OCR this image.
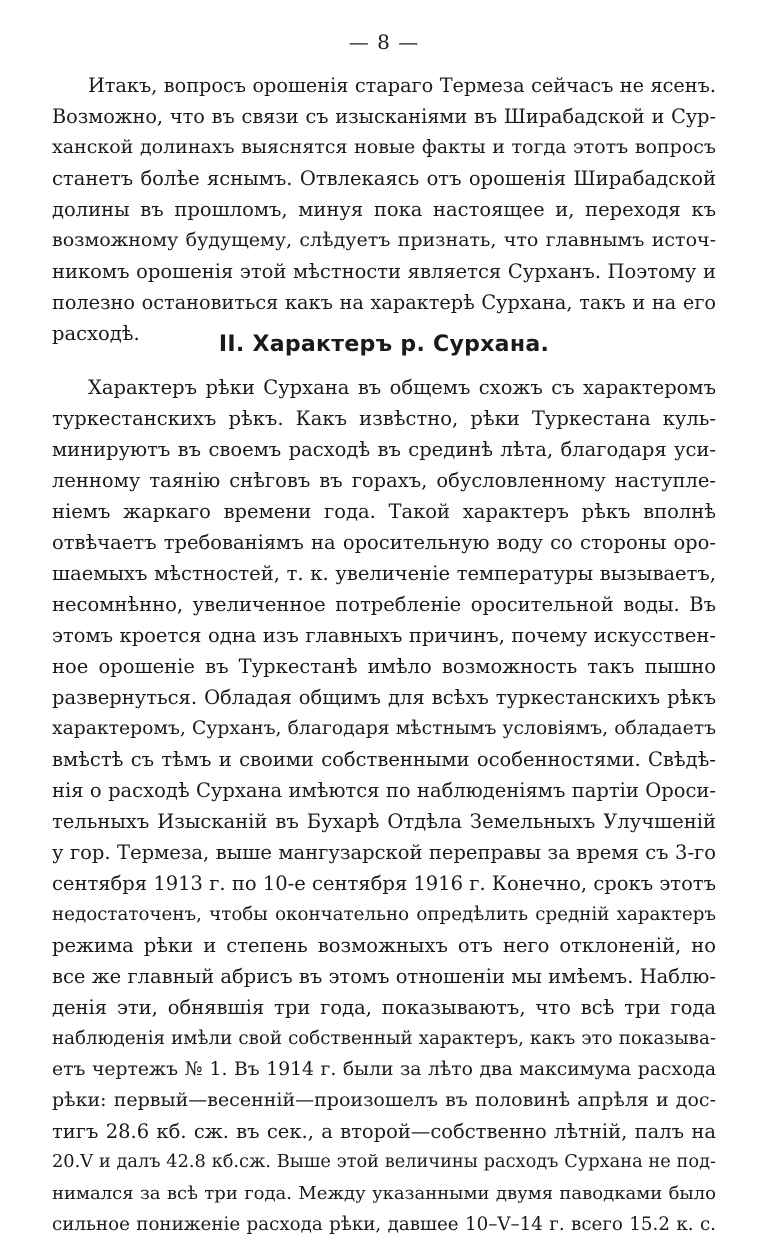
— 8 —
Итакъ, вопросъ орошенія стараго Термеза сейчасъ не ясенъ.
Возможно, что въ связи съ изысканіями въ Ширабадской и Сур-
ханской долинахъ выяснятся новые факты и тогда этотъ вопросъ
станетъ болѣе яснымъ. Отвлекаясь отъ орошенія Ширабадской
долины въ прошломъ, минуя пока настоящее и, переходя къ
возможному будущему, слѣдуетъ признать, что главнымъ источ-
никомъ орошенія этой мѣстности является Сурханъ. Поэтому и
полезно остановиться какъ на характерѣ Сурхана, такъ и на его
расходѣ.	II. Характеръ р. Сурхана.
Характеръ рѣки Сурхана въ общемъ схожъ съ характеромъ
туркестанскихъ рѣкъ. Какъ извѣстно, рѣки Туркестана куль-
минируютъ въ своемъ расходѣ въ срединѣ лѣта, благодаря уси-
ленному таянію снѣговъ въ горахъ, обусловленному наступле-
ніемъ жаркаго времени года. Такой характеръ рѣкъ вполнѣ
отвѣчаетъ требованіямъ на оросительную воду со стороны оро-
шаемыхъ мѣстностей, т. к. увеличеніе температуры вызываетъ,
несомнѣнно, увеличенное потребленіе оросительной воды. Въ
этомъ кроется одна изъ главныхъ причинъ, почему искусствен-
ное орошеніе въ Туркестанѣ имѣло возможность такъ пышно
развернуться. Обладая общимъ для всѣхъ туркестанскихъ рѣкъ
характеромъ, Сурханъ, благодаря мѣстнымъ условіямъ, обладаетъ
вмѣстѣ съ тѣмъ и своими собственными особенностями. Свѣдѣ-
нія о расходѣ Сурхана имѣются по наблюденіямъ партіи Ороси-
тельныхъ Изысканій въ Бухарѣ Отдѣла Земельныхъ Улучшеній
у гор. Термеза, выше мангузарской переправы за время съ 3-го
сентября 1913 г. по 10-е сентября 1916 г. Конечно, срокъ этотъ
недостаточенъ, чтобы окончательно опредѣлить средній характеръ
режима рѣки и степень возможныхъ отъ него отклоненій, но
все же главный абрисъ въ этомъ отношеніи мы имѣемъ. Наблю-
денія эти, обнявшія три года, показываютъ, что всѣ три года
наблюденія имѣли свой собственный характеръ, какъ это показыва-
етъ чертежъ № 1. Въ 1914 г. были за лѣто два максимума расхода
рѣки: первый—весенній—произошелъ въ половинѣ апрѣля и дос-
тигъ 28.6 кб. сж. въ сек., а второй—собственно лѣтній, палъ на
20.V и далъ 42.8 кб.сж. Выше этой величины расходъ Сурхана не под-
нимался за всѣ три года. Между указанными двумя паводками было
сильное пониженіе расхода рѣки, давшее 10–V–14 г. всего 15.2 к. с.
